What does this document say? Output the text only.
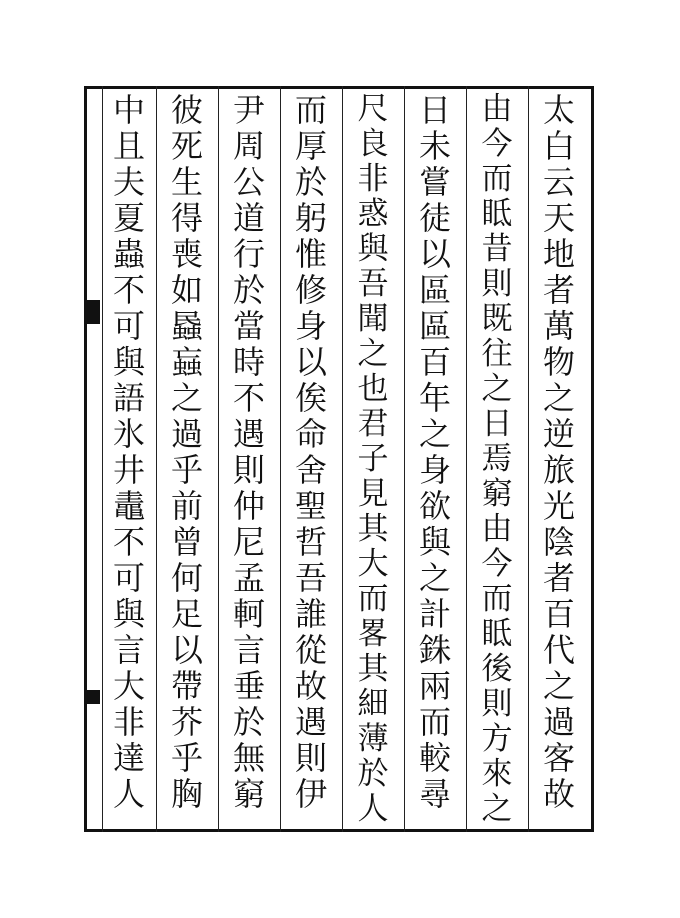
太
白
云
天
地
者
萬
物
之
逆
旅
光
陰
者
百
代
之
過
客
故
由
今
而
眡
昔
則
既
往
之
日
焉
窮
由
今
而
眡
後
則
方
來
之
日
未
嘗
徒
以
區
區
百
年
之
身
欲
與
之
計
銖
兩
而
較
尋
尺
良
非
惑
與
吾
聞
之
也
君
子
見
其
大
而
畧
其
細
薄
於
人
而
厚
於
躬
惟
修
身
以
俟
命
舍
聖
哲
吾
誰
從
故
遇
則
伊
尹
周
公
道
行
於
當
時
不
遇
則
仲
尼
孟
軻
言
垂
於
無
窮
彼
死
生
得
喪
如
蟁
蝱
之
過
乎
前
曾
何
足
以
帶
芥
乎
胸
中
且
夫
夏
蟲
不
可
與
語
氷
井
鼃
不
可
與
言
大
非
達
人
